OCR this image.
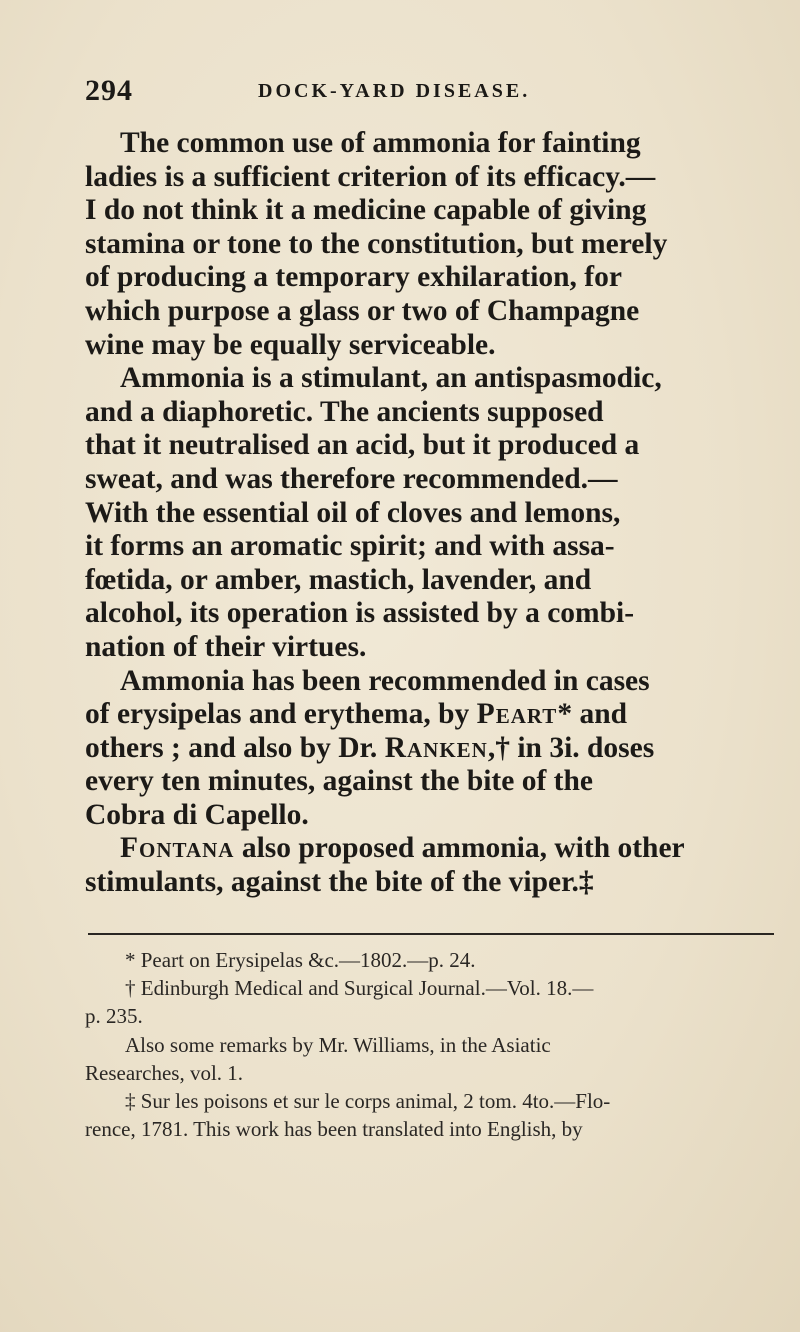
294	DOCK-YARD DISEASE.
The common use of ammonia for fainting
ladies is a sufficient criterion of its efficacy.—
I do not think it a medicine capable of giving
stamina or tone to the constitution, but merely
of producing a temporary exhilaration, for
which purpose a glass or two of Champagne
wine may be equally serviceable.
Ammonia is a stimulant, an antispasmodic,
and a diaphoretic. The ancients supposed
that it neutralised an acid, but it produced a
sweat, and was therefore recommended.—
With the essential oil of cloves and lemons,
it forms an aromatic spirit; and with assa-
fœtida, or amber, mastich, lavender, and
alcohol, its operation is assisted by a combi-
nation of their virtues.
Ammonia has been recommended in cases
of erysipelas and erythema, by Peart* and
others ; and also by Dr. Ranken,† in 3i. doses
every ten minutes, against the bite of the
Cobra di Capello.
Fontana also proposed ammonia, with other
stimulants, against the bite of the viper.‡
* Peart on Erysipelas &c.—1802.—p. 24.
† Edinburgh Medical and Surgical Journal.—Vol. 18.—
p. 235.
Also some remarks by Mr. Williams, in the Asiatic
Researches, vol. 1.
‡ Sur les poisons et sur le corps animal, 2 tom. 4to.—Flo-
rence, 1781. This work has been translated into English, by
